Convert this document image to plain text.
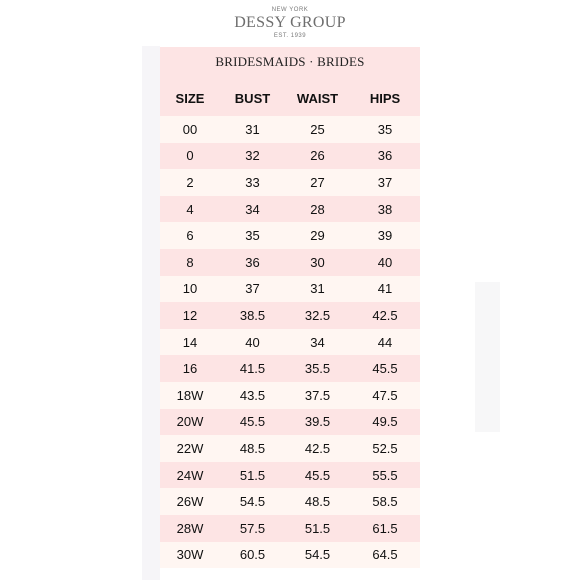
NEW YORK
DESSY GROUP
EST. 1939
BRIDESMAIDS · BRIDES
SIZE	BUST	WAIST	HIPS
00	31	25	35
0	32	26	36
2	33	27	37
4	34	28	38
6	35	29	39
8	36	30	40
10	37	31	41
12	38.5	32.5	42.5
14	40	34	44
16	41.5	35.5	45.5
18W	43.5	37.5	47.5
20W	45.5	39.5	49.5
22W	48.5	42.5	52.5
24W	51.5	45.5	55.5
26W	54.5	48.5	58.5
28W	57.5	51.5	61.5
30W	60.5	54.5	64.5
